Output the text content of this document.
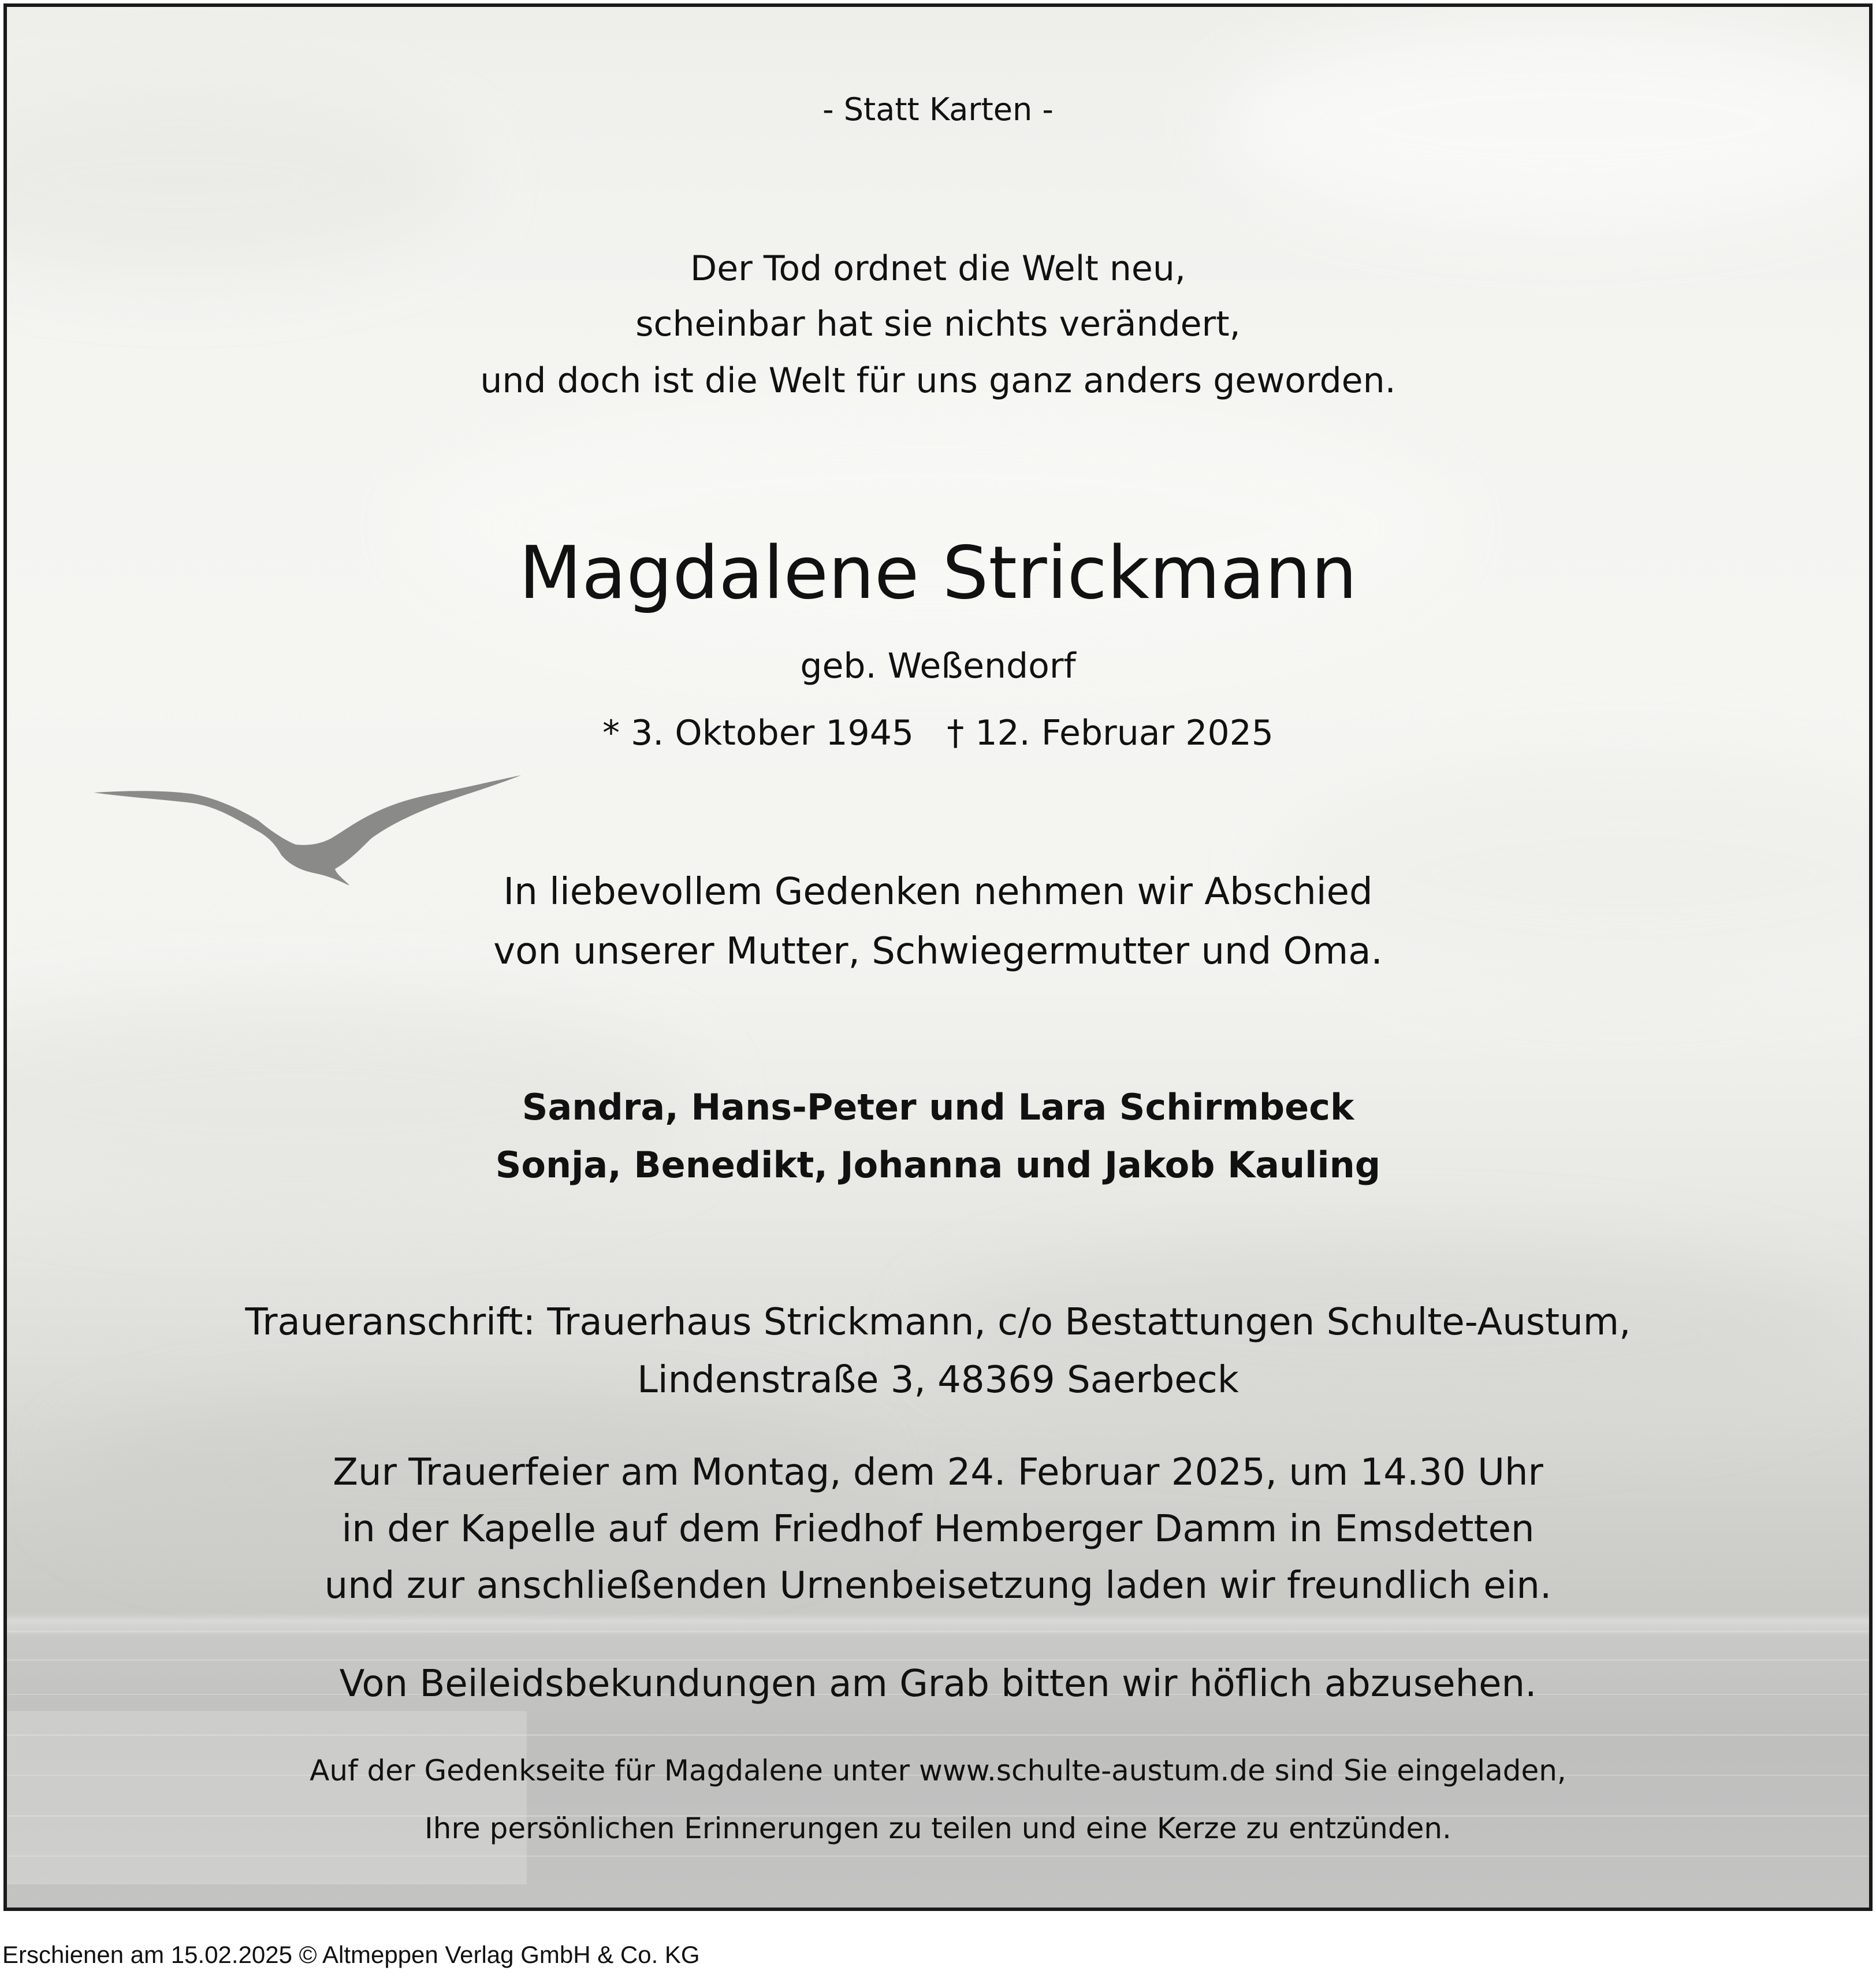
- Statt Karten -
Der Tod ordnet die Welt neu,
scheinbar hat sie nichts verändert,
und doch ist die Welt für uns ganz anders geworden.
Magdalene Strickmann
geb. Weßendorf
* 3. Oktober 1945   † 12. Februar 2025
In liebevollem Gedenken nehmen wir Abschied
von unserer Mutter, Schwiegermutter und Oma.
Sandra, Hans-Peter und Lara Schirmbeck
Sonja, Benedikt, Johanna und Jakob Kauling
Traueranschrift: Trauerhaus Strickmann, c/o Bestattungen Schulte-Austum,
Lindenstraße 3, 48369 Saerbeck
Zur Trauerfeier am Montag, dem 24. Februar 2025, um 14.30 Uhr
in der Kapelle auf dem Friedhof Hemberger Damm in Emsdetten
und zur anschließenden Urnenbeisetzung laden wir freundlich ein.
Von Beileidsbekundungen am Grab bitten wir höflich abzusehen.
Auf der Gedenkseite für Magdalene unter www.schulte-austum.de sind Sie eingeladen,
Ihre persönlichen Erinnerungen zu teilen und eine Kerze zu entzünden.
Erschienen am 15.02.2025 © Altmeppen Verlag GmbH & Co. KG
